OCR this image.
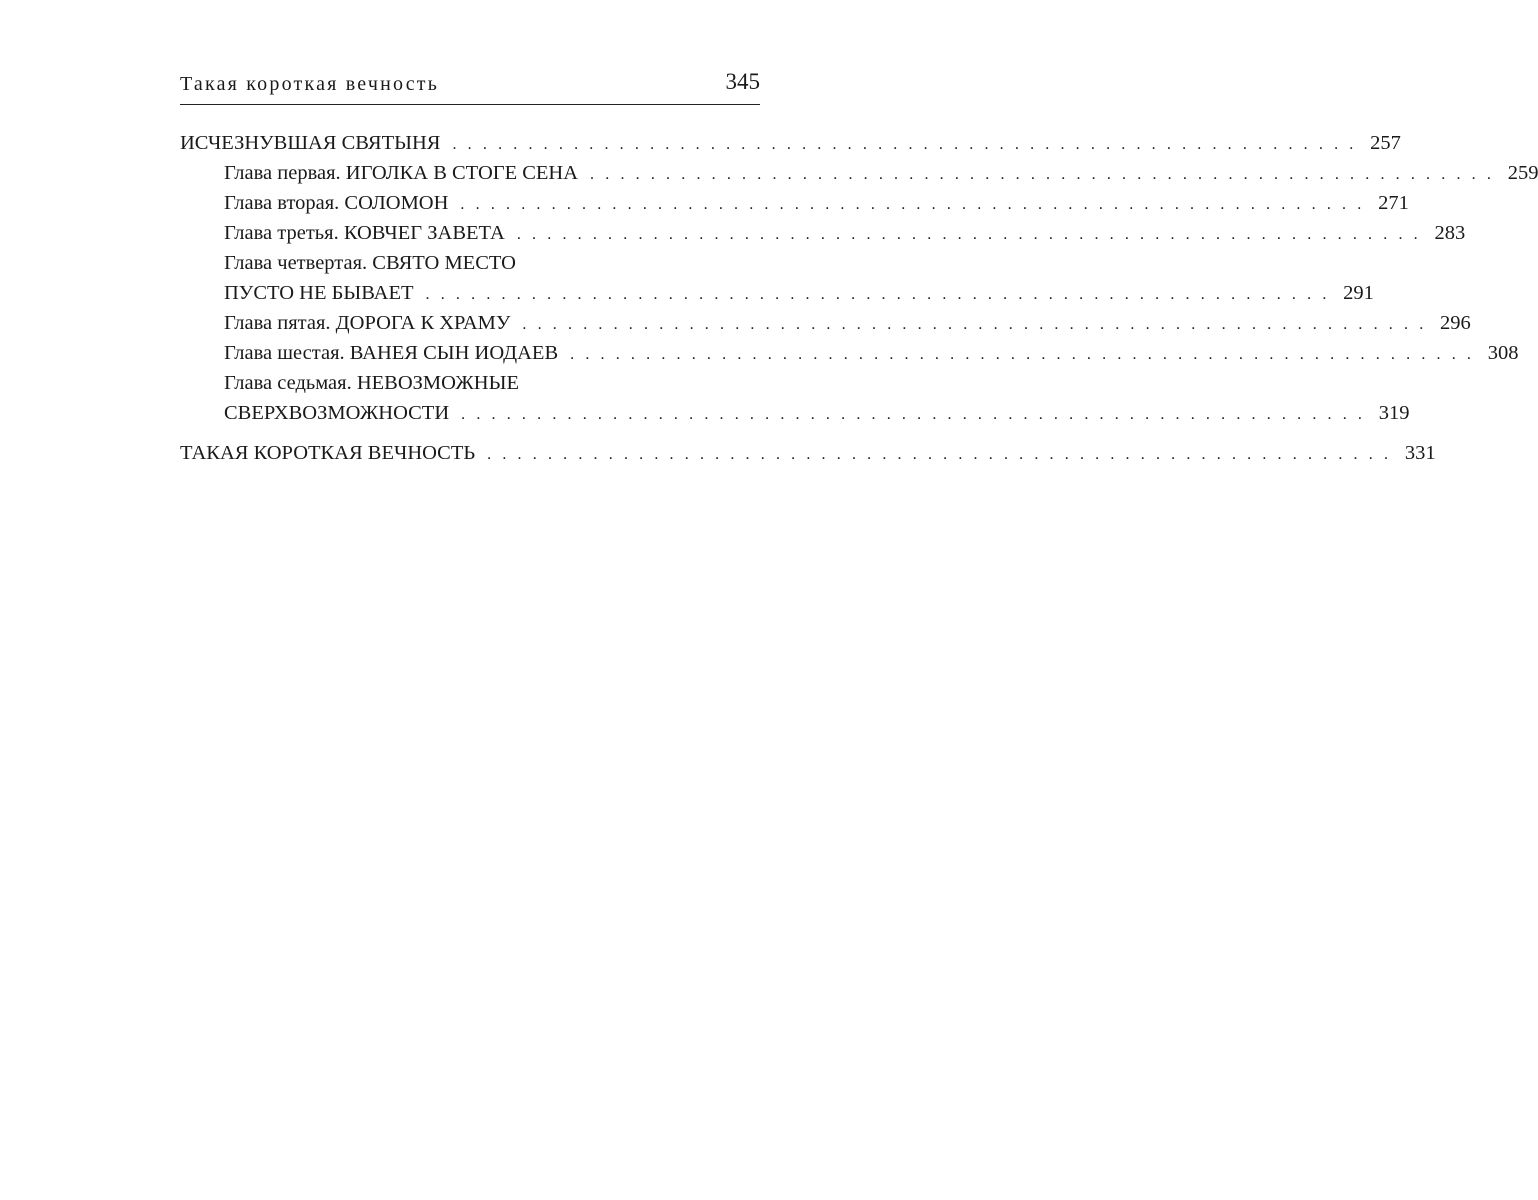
Такая короткая вечность	345
ИСЧЕЗНУВШАЯ СВЯТЫНЯ . . . . . . . . . . . . . . . . . . . . . . . . . . . . . . . . . . . . . . . . . . . . . . . . . . . . . . . . . . . . 257
Глава первая. ИГОЛКА В СТОГЕ СЕНА . . . . . . . . . . . . . . . . . . . . . . . . . . . . . . . . . . . . . . . . . . . . . . . . . . . . . . . . . . . . 259
Глава вторая. СОЛОМОН . . . . . . . . . . . . . . . . . . . . . . . . . . . . . . . . . . . . . . . . . . . . . . . . . . . . . . . . . . . . 271
Глава третья. КОВЧЕГ ЗАВЕТА . . . . . . . . . . . . . . . . . . . . . . . . . . . . . . . . . . . . . . . . . . . . . . . . . . . . . . . . . . . . 283
Глава четвертая. СВЯТО МЕСТО
ПУСТО НЕ БЫВАЕТ . . . . . . . . . . . . . . . . . . . . . . . . . . . . . . . . . . . . . . . . . . . . . . . . . . . . . . . . . . . . 291
Глава пятая. ДОРОГА К ХРАМУ . . . . . . . . . . . . . . . . . . . . . . . . . . . . . . . . . . . . . . . . . . . . . . . . . . . . . . . . . . . . 296
Глава шестая. ВАНЕЯ СЫН ИОДАЕВ . . . . . . . . . . . . . . . . . . . . . . . . . . . . . . . . . . . . . . . . . . . . . . . . . . . . . . . . . . . . 308
Глава седьмая. НЕВОЗМОЖНЫЕ
СВЕРХВОЗМОЖНОСТИ . . . . . . . . . . . . . . . . . . . . . . . . . . . . . . . . . . . . . . . . . . . . . . . . . . . . . . . . . . . . 319
ТАКАЯ КОРОТКАЯ ВЕЧНОСТЬ . . . . . . . . . . . . . . . . . . . . . . . . . . . . . . . . . . . . . . . . . . . . . . . . . . . . . . . . . . . . 331
